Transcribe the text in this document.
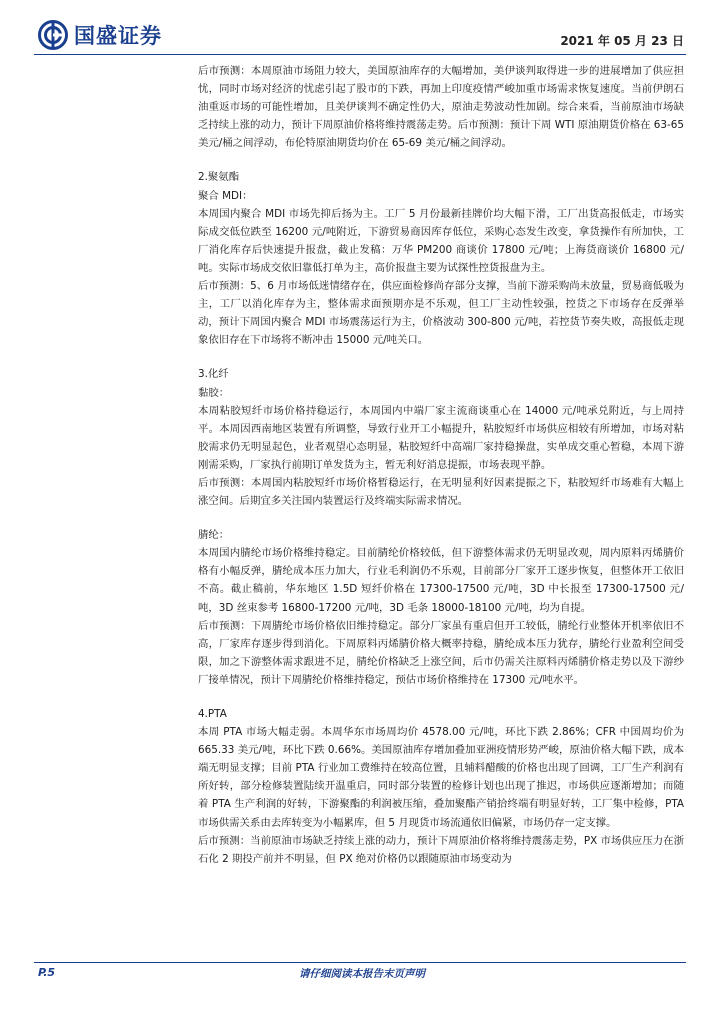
国盛证券	2021 年 05 月 23 日

后市预测：本周原油市场阻力较大，美国原油库存的大幅增加，美伊谈判取得进一步的进展增加了供应担忧，同时市场对经济的忧虑引起了股市的下跌，再加上印度疫情严峻加重市场需求恢复速度。当前伊朗石油重返市场的可能性增加，且美伊谈判不确定性仍大，原油走势波动性加剧。综合来看，当前原油市场缺乏持续上涨的动力，预计下周原油价格将维持震荡走势。后市预测：预计下周 WTI 原油期货价格在 63-65 美元/桶之间浮动，布伦特原油期货均价在 65-69 美元/桶之间浮动。

2.聚氨酯

聚合 MDI：

本周国内聚合 MDI 市场先抑后扬为主。工厂 5 月份最新挂牌价均大幅下滑，工厂出货高报低走，市场实际成交低位跌至 16200 元/吨附近，下游贸易商因库存低位，采购心态发生改变，拿货操作有所加快，工厂消化库存后快速提升报盘，截止发稿：万华 PM200 商谈价 17800 元/吨；上海货商谈价 16800 元/吨。实际市场成交依旧靠低打单为主，高价报盘主要为试探性控货报盘为主。

后市预测：5、6 月市场低迷情绪存在，供应面检修尚存部分支撑，当前下游采购尚未放量，贸易商低吸为主，工厂以消化库存为主，整体需求面预期亦是不乐观，但工厂主动性较强，控货之下市场存在反弹举动，预计下周国内聚合 MDI 市场震荡运行为主，价格波动 300-800 元/吨，若控货节奏失败，高报低走现象依旧存在下市场将不断冲击 15000 元/吨关口。

3.化纤

黏胶：

本周粘胶短纤市场价格持稳运行，本周国内中端厂家主流商谈重心在 14000 元/吨承兑附近，与上周持平。本周因西南地区装置有所调整，导致行业开工小幅提升，粘胶短纤市场供应相较有所增加，市场对粘胶需求仍无明显起色，业者观望心态明显，粘胶短纤中高端厂家持稳操盘，实单成交重心暂稳，本周下游刚需采购，厂家执行前期订单发货为主，暂无利好消息提振，市场表现平静。

后市预测：本周国内粘胶短纤市场价格暂稳运行，在无明显利好因素提振之下，粘胶短纤市场难有大幅上涨空间。后期宜多关注国内装置运行及终端实际需求情况。

腈纶：

本周国内腈纶市场价格维持稳定。目前腈纶价格较低，但下游整体需求仍无明显改观，周内原料丙烯腈价格有小幅反弹，腈纶成本压力加大，行业毛利润仍不乐观，目前部分厂家开工逐步恢复，但整体开工依旧不高。截止稿前，华东地区 1.5D 短纤价格在 17300-17500 元/吨，3D 中长报至 17300-17500 元/吨，3D 丝束参考 16800-17200 元/吨，3D 毛条 18000-18100 元/吨，均为自提。

后市预测：下周腈纶市场价格依旧维持稳定。部分厂家虽有重启但开工较低，腈纶行业整体开机率依旧不高，厂家库存逐步得到消化。下周原料丙烯腈价格大概率持稳，腈纶成本压力犹存，腈纶行业盈利空间受限，加之下游整体需求跟进不足，腈纶价格缺乏上涨空间，后市仍需关注原料丙烯腈价格走势以及下游纱厂接单情况，预计下周腈纶价格维持稳定，预估市场价格维持在 17300 元/吨水平。

4.PTA

本周 PTA 市场大幅走弱。本周华东市场周均价 4578.00 元/吨，环比下跌 2.86%；CFR 中国周均价为 665.33 美元/吨，环比下跌 0.66%。美国原油库存增加叠加亚洲疫情形势严峻，原油价格大幅下跌，成本端无明显支撑；目前 PTA 行业加工费维持在较高位置，且辅料醋酸的价格也出现了回调，工厂生产利润有所好转，部分检修装置陆续开温重启，同时部分装置的检修计划也出现了推迟，市场供应逐渐增加；而随着 PTA 生产利润的好转，下游聚酯的利润被压缩，叠加聚酯产销拾终端有明显好转，工厂集中检修，PTA 市场供需关系由去库转变为小幅累库，但 5 月现货市场流通依旧偏紧，市场仍存一定支撑。

后市预测：当前原油市场缺乏持续上涨的动力，预计下周原油价格将维持震荡走势，PX 市场供应压力在浙石化 2 期投产前并不明显，但 PX 绝对价格仍以跟随原油市场变动为

P.5	请仔细阅读本报告末页声明
